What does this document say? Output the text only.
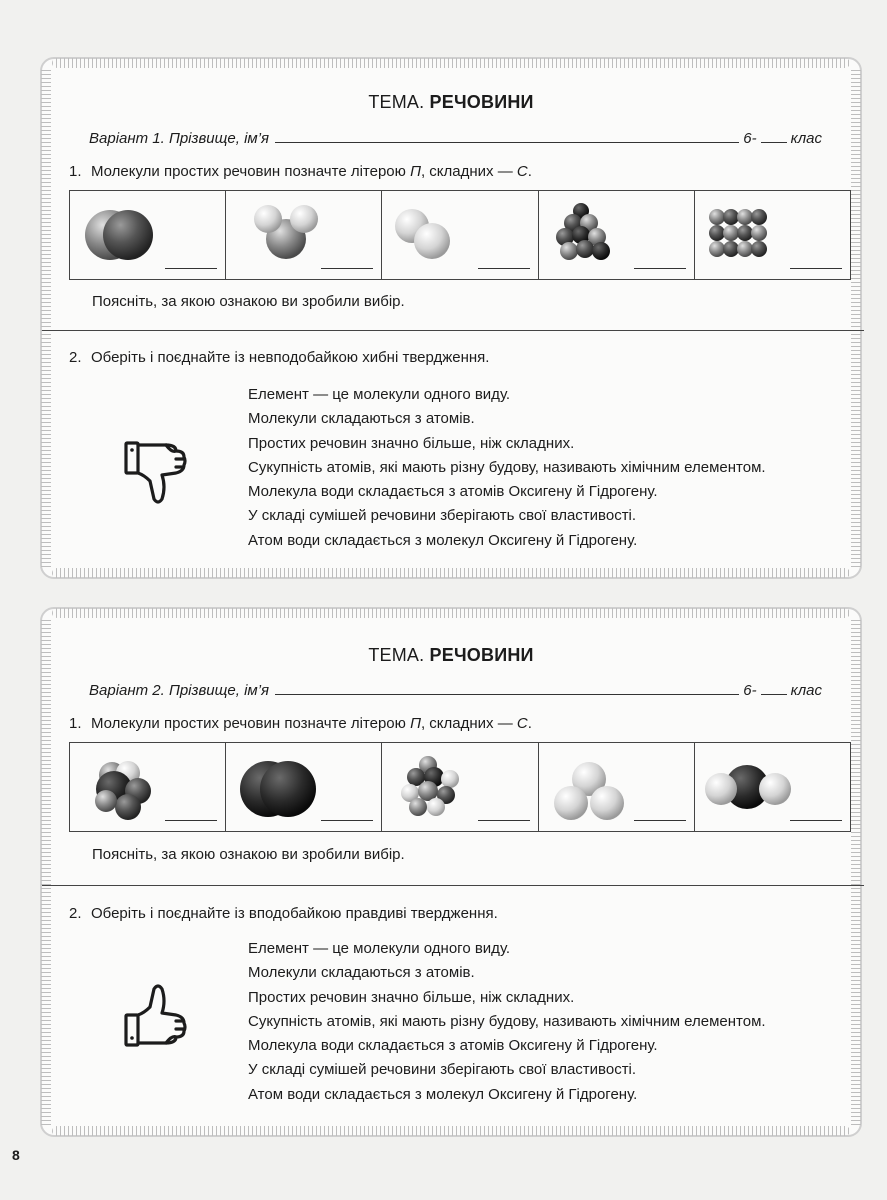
ТЕМА. РЕЧОВИНИ
Варіант 1. Прізвище, ім’я	6- клас
1. Молекули простих речовин позначте літерою П, складних — С.
Поясніть, за якою ознакою ви зробили вибір.
2. Оберіть і поєднайте із невподобайкою хибні твердження.
Елемент — це молекули одного виду.
Молекули складаються з атомів.
Простих речовин значно більше, ніж складних.
Сукупність атомів, які мають різну будову, називають хімічним елементом.
Молекула води складається з атомів Оксигену й Гідрогену.
У складі сумішей речовини зберігають свої властивості.
Атом води складається з молекул Оксигену й Гідрогену.
ТЕМА. РЕЧОВИНИ
Варіант 2. Прізвище, ім’я	6- клас
1. Молекули простих речовин позначте літерою П, складних — С.
Поясніть, за якою ознакою ви зробили вибір.
2. Оберіть і поєднайте із вподобайкою правдиві твердження.
Елемент — це молекули одного виду.
Молекули складаються з атомів.
Простих речовин значно більше, ніж складних.
Сукупність атомів, які мають різну будову, називають хімічним елементом.
Молекула води складається з атомів Оксигену й Гідрогену.
У складі сумішей речовини зберігають свої властивості.
Атом води складається з молекул Оксигену й Гідрогену.
8
